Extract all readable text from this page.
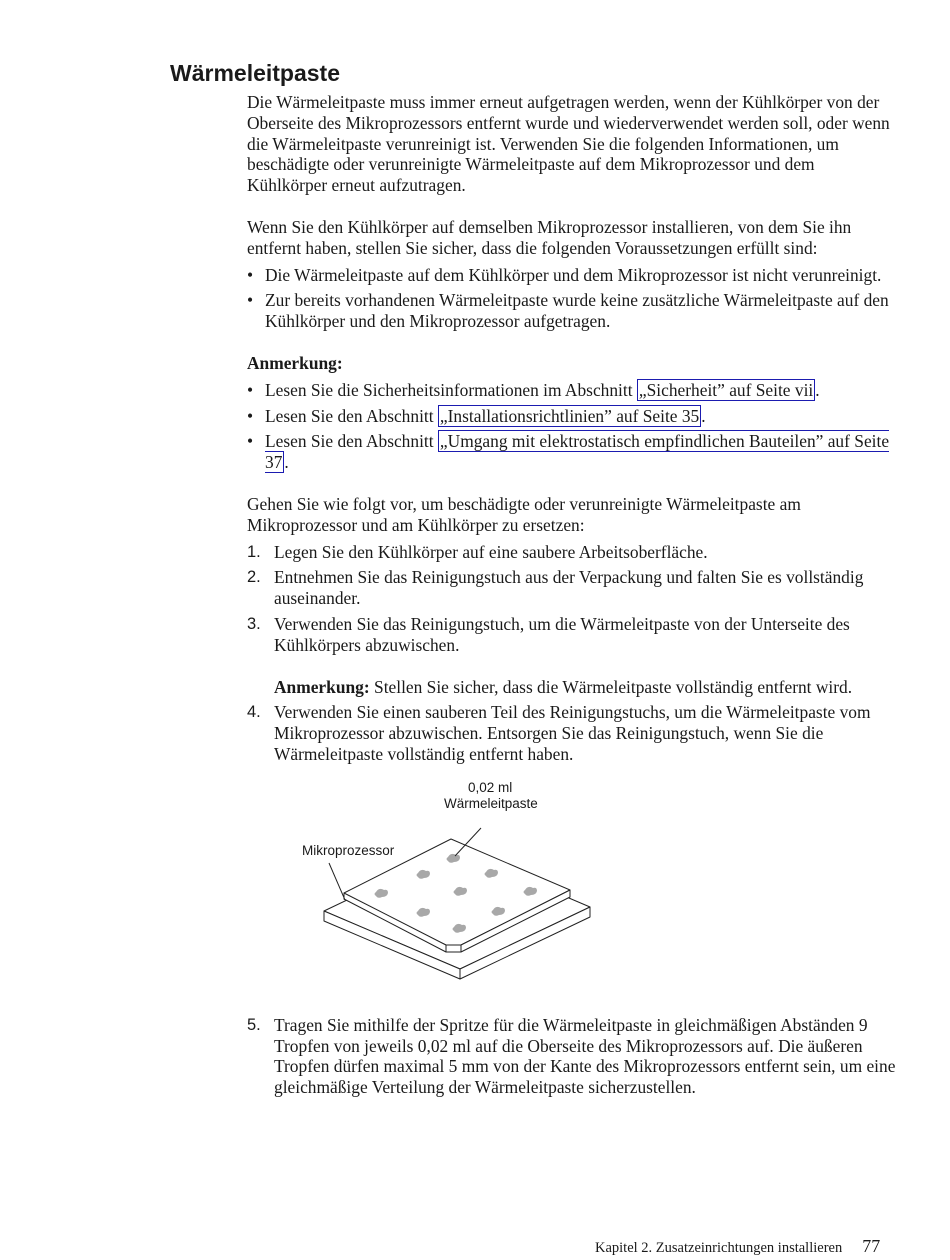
Wärmeleitpaste

Die Wärmeleitpaste muss immer erneut aufgetragen werden, wenn der Kühlkörper von der Oberseite des Mikroprozessors entfernt wurde und wiederverwendet werden soll, oder wenn die Wärmeleitpaste verunreinigt ist. Verwenden Sie die folgenden Informationen, um beschädigte oder verunreinigte Wärmeleitpaste auf dem Mikroprozessor und dem Kühlkörper erneut aufzutragen.

Wenn Sie den Kühlkörper auf demselben Mikroprozessor installieren, von dem Sie ihn entfernt haben, stellen Sie sicher, dass die folgenden Voraussetzungen erfüllt sind:

• Die Wärmeleitpaste auf dem Kühlkörper und dem Mikroprozessor ist nicht verunreinigt.
• Zur bereits vorhandenen Wärmeleitpaste wurde keine zusätzliche Wärmeleitpaste auf den Kühlkörper und den Mikroprozessor aufgetragen.

Anmerkung:

• Lesen Sie die Sicherheitsinformationen im Abschnitt „Sicherheit” auf Seite vii .
• Lesen Sie den Abschnitt „Installationsrichtlinien” auf Seite 35 .
• Lesen Sie den Abschnitt „Umgang mit elektrostatisch empfindlichen Bauteilen” auf Seite 37 .

Gehen Sie wie folgt vor, um beschädigte oder verunreinigte Wärmeleitpaste am Mikroprozessor und am Kühlkörper zu ersetzen:

1. Legen Sie den Kühlkörper auf eine saubere Arbeitsoberfläche.
2. Entnehmen Sie das Reinigungstuch aus der Verpackung und falten Sie es vollständig auseinander.
3. Verwenden Sie das Reinigungstuch, um die Wärmeleitpaste von der Unterseite des Kühlkörpers abzuwischen.

Anmerkung: Stellen Sie sicher, dass die Wärmeleitpaste vollständig entfernt wird.

4. Verwenden Sie einen sauberen Teil des Reinigungstuchs, um die Wärmeleitpaste vom Mikroprozessor abzuwischen. Entsorgen Sie das Reinigungstuch, wenn Sie die Wärmeleitpaste vollständig entfernt haben.
0,02 ml
Wärmeleitpaste
Mikroprozessor
5. Tragen Sie mithilfe der Spritze für die Wärmeleitpaste in gleichmäßigen Abständen 9 Tropfen von jeweils 0,02 ml auf die Oberseite des Mikroprozessors auf. Die äußeren Tropfen dürfen maximal 5 mm von der Kante des Mikroprozessors entfernt sein, um eine gleichmäßige Verteilung der Wärmeleitpaste sicherzustellen.
Kapitel 2. Zusatzeinrichtungen installieren 77
